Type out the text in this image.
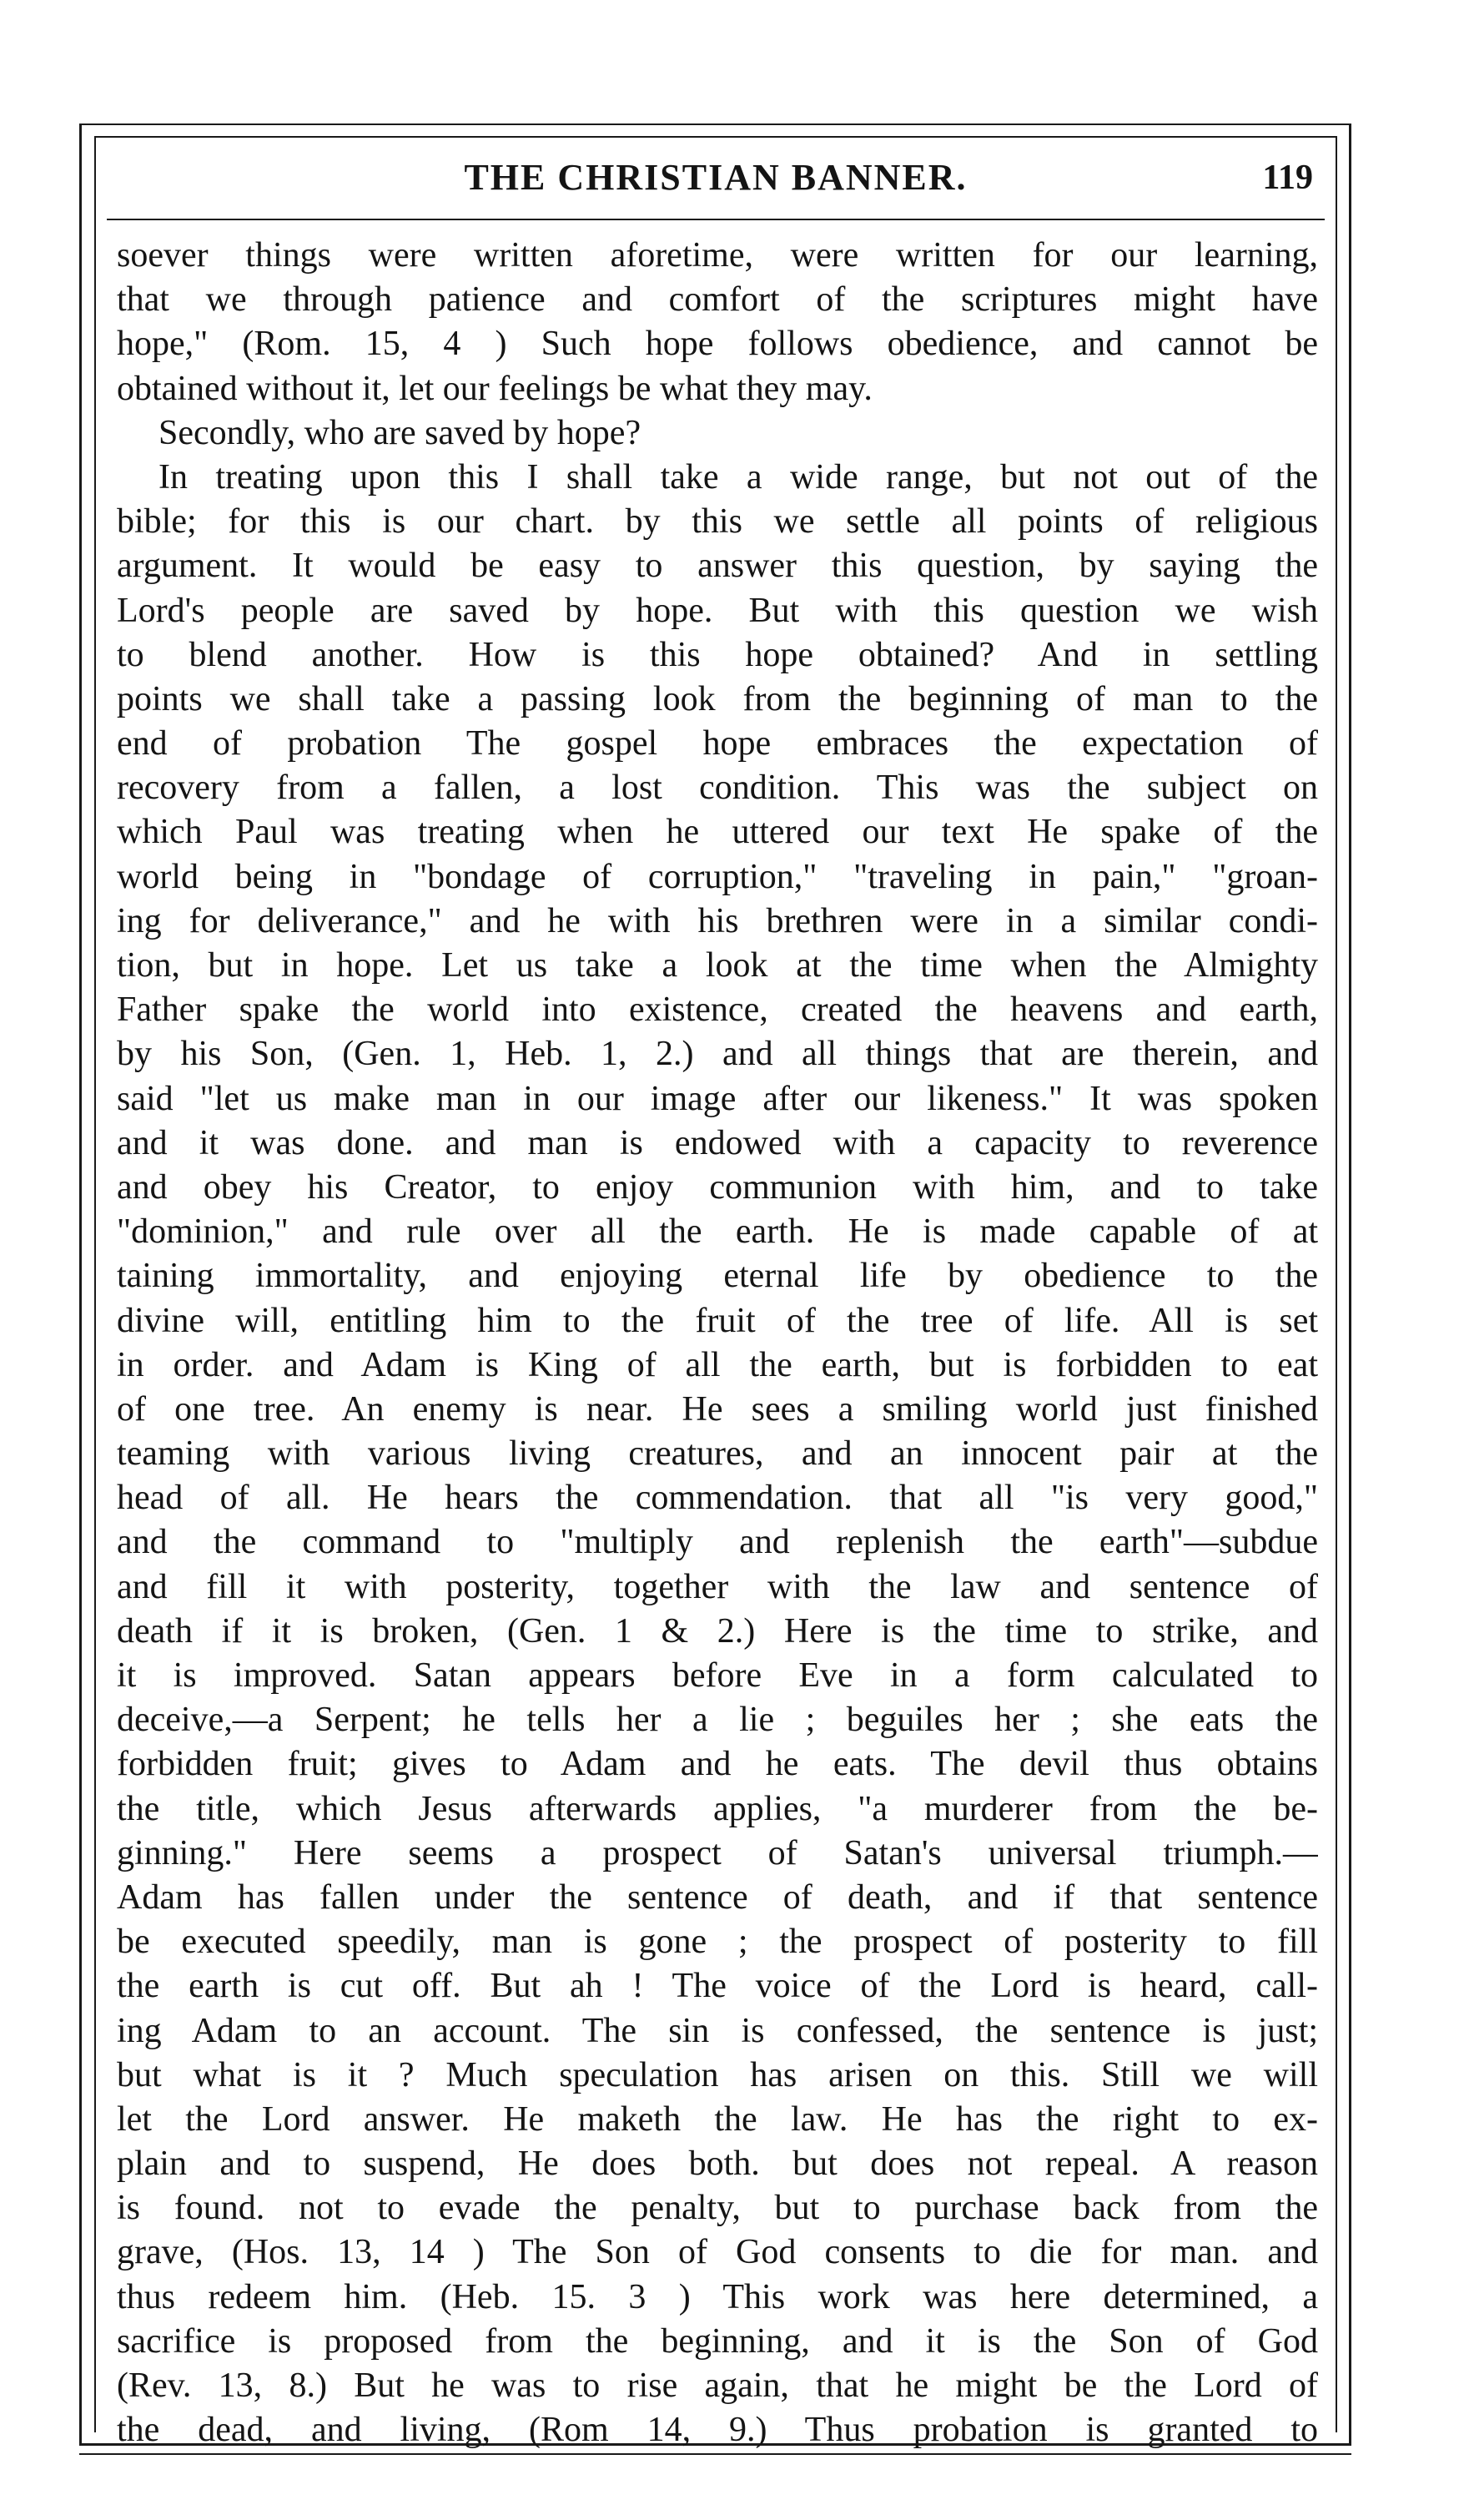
THE CHRISTIAN BANNER.	119
soever things were written aforetime, were written for our learning,
that we through patience and comfort of the scriptures might have
hope," (Rom. 15, 4 ) Such hope follows obedience, and cannot be
obtained without it, let our feelings be what they may.
Secondly, who are saved by hope?
In treating upon this I shall take a wide range, but not out of the
bible; for this is our chart. by this we settle all points of religious
argument. It would be easy to answer this question, by saying the
Lord's people are saved by hope. But with this question we wish
to blend another. How is this hope obtained? And in settling
points we shall take a passing look from the beginning of man to the
end of probation The gospel hope embraces the expectation of
recovery from a fallen, a lost condition. This was the subject on
which Paul was treating when he uttered our text He spake of the
world being in "bondage of corruption," "traveling in pain," "groan-
ing for deliverance," and he with his brethren were in a similar condi-
tion, but in hope. Let us take a look at the time when the Almighty
Father spake the world into existence, created the heavens and earth,
by his Son, (Gen. 1, Heb. 1, 2.) and all things that are therein, and
said "let us make man in our image after our likeness." It was spoken
and it was done. and man is endowed with a capacity to reverence
and obey his Creator, to enjoy communion with him, and to take
"dominion," and rule over all the earth. He is made capable of at
taining immortality, and enjoying eternal life by obedience to the
divine will, entitling him to the fruit of the tree of life. All is set
in order. and Adam is King of all the earth, but is forbidden to eat
of one tree. An enemy is near. He sees a smiling world just finished
teaming with various living creatures, and an innocent pair at the
head of all. He hears the commendation. that all "is very good,"
and the command to "multiply and replenish the earth"—subdue
and fill it with posterity, together with the law and sentence of
death if it is broken, (Gen. 1 & 2.) Here is the time to strike, and
it is improved. Satan appears before Eve in a form calculated to
deceive,—a Serpent; he tells her a lie ; beguiles her ; she eats the
forbidden fruit; gives to Adam and he eats. The devil thus obtains
the title, which Jesus afterwards applies, "a murderer from the be-
ginning." Here seems a prospect of Satan's universal triumph.—
Adam has fallen under the sentence of death, and if that sentence
be executed speedily, man is gone ; the prospect of posterity to fill
the earth is cut off. But ah ! The voice of the Lord is heard, call-
ing Adam to an account. The sin is confessed, the sentence is just;
but what is it ? Much speculation has arisen on this. Still we will
let the Lord answer. He maketh the law. He has the right to ex-
plain and to suspend, He does both. but does not repeal. A reason
is found. not to evade the penalty, but to purchase back from the
grave, (Hos. 13, 14 ) The Son of God consents to die for man. and
thus redeem him. (Heb. 15. 3 ) This work was here determined, a
sacrifice is proposed from the beginning, and it is the Son of God
(Rev. 13, 8.) But he was to rise again, that he might be the Lord of
the dead, and living, (Rom 14, 9.) Thus probation is granted to
